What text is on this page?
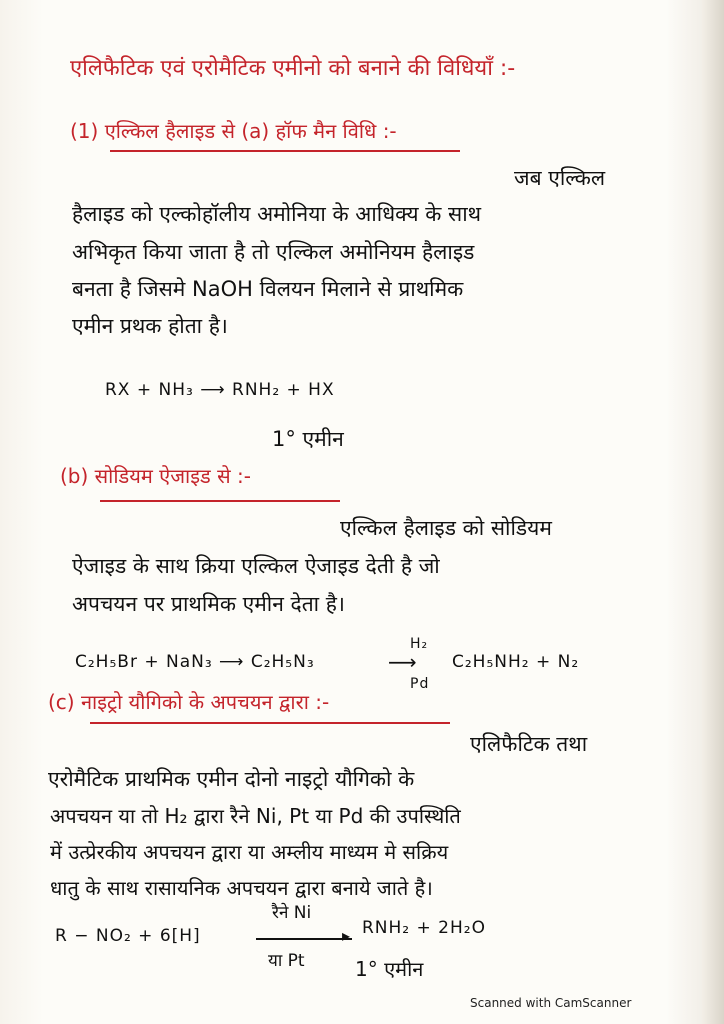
एलिफैटिक एवं एरोमैटिक एमीनो को बनाने की विधियाँ :-
(1) एल्किल हैलाइड से (a) हॉफ मैन विधि :-
जब एल्किल
हैलाइड को एल्कोहॉलीय अमोनिया के आधिक्य के साथ
अभिकृत किया जाता है तो एल्किल अमोनियम हैलाइड
बनता है जिसमे NaOH विलयन मिलाने से प्राथमिक
एमीन प्रथक होता है।
RX + NH₃ ⟶ RNH₂ + HX
1° एमीन
(b) सोडियम ऐजाइड से :-
एल्किल हैलाइड को सोडियम
ऐजाइड के साथ क्रिया एल्किल ऐजाइड देती है जो
अपचयन पर प्राथमिक एमीन देता है।
C₂H₅Br + NaN₃ ⟶ C₂H₅N₃
H₂
⟶
Pd
C₂H₅NH₂ + N₂
(c) नाइट्रो यौगिको के अपचयन द्वारा :-
एलिफैटिक तथा
एरोमैटिक प्राथमिक एमीन दोनो नाइट्रो यौगिको के
अपचयन या तो H₂ द्वारा रैने Ni, Pt या Pd की उपस्थिति
में उत्प्रेरकीय अपचयन द्वारा या अम्लीय माध्यम मे सक्रिय
धातु के साथ रासायनिक अपचयन द्वारा बनाये जाते है।
R − NO₂ + 6[H]
रैने Ni
▸
या Pt
RNH₂ + 2H₂O
1° एमीन
Scanned with CamScanner
